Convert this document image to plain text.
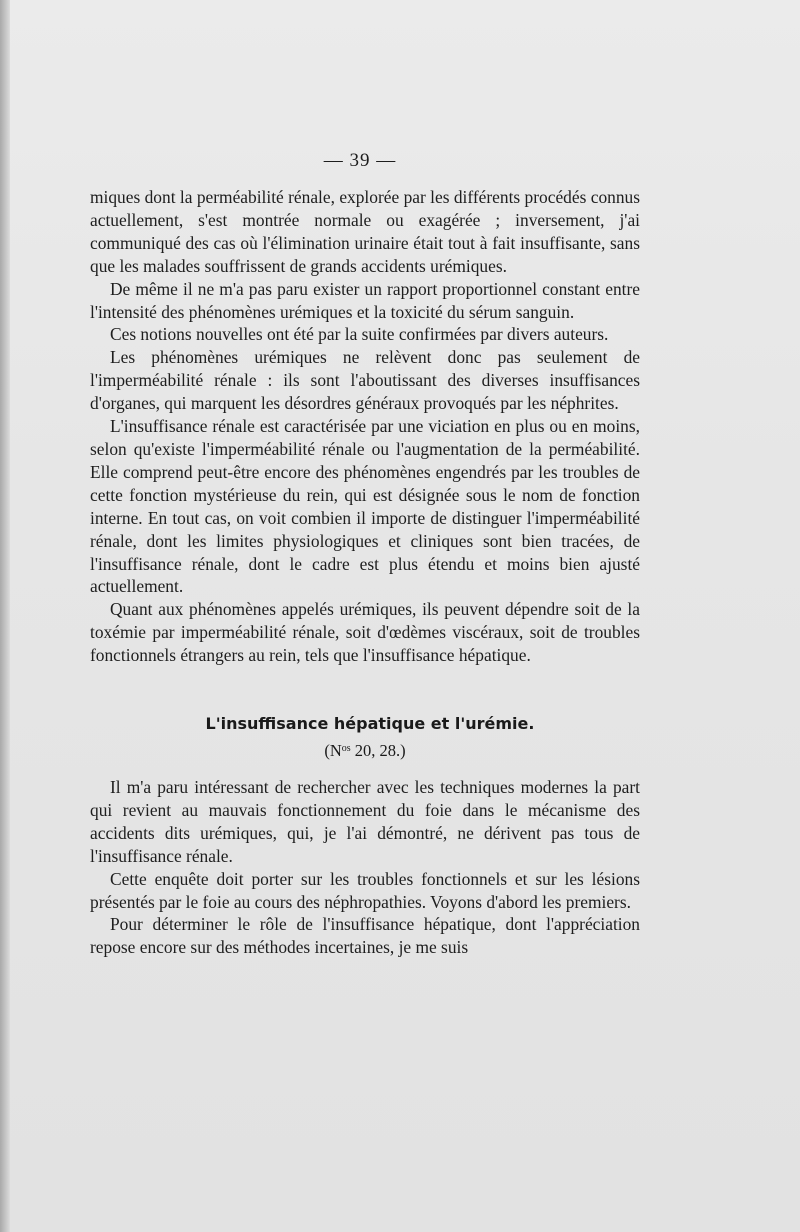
— 39 —

miques dont la perméabilité rénale, explorée par les différents procédés connus actuellement, s'est montrée normale ou exagérée ; inversement, j'ai communiqué des cas où l'élimination urinaire était tout à fait insuffisante, sans que les malades souffrissent de grands accidents urémiques.

De même il ne m'a pas paru exister un rapport proportionnel constant entre l'intensité des phénomènes urémiques et la toxicité du sérum sanguin.

Ces notions nouvelles ont été par la suite confirmées par divers auteurs.

Les phénomènes urémiques ne relèvent donc pas seulement de l'imperméabilité rénale : ils sont l'aboutissant des diverses insuffisances d'organes, qui marquent les désordres généraux provoqués par les néphrites.

L'insuffisance rénale est caractérisée par une viciation en plus ou en moins, selon qu'existe l'imperméabilité rénale ou l'augmentation de la perméabilité. Elle comprend peut-être encore des phénomènes engendrés par les troubles de cette fonction mystérieuse du rein, qui est désignée sous le nom de fonction interne. En tout cas, on voit combien il importe de distinguer l'imperméabilité rénale, dont les limites physiologiques et cliniques sont bien tracées, de l'insuffisance rénale, dont le cadre est plus étendu et moins bien ajusté actuellement.

Quant aux phénomènes appelés urémiques, ils peuvent dépendre soit de la toxémie par imperméabilité rénale, soit d'œdèmes viscéraux, soit de troubles fonctionnels étrangers au rein, tels que l'insuffisance hépatique.

L'insuffisance hépatique et l'urémie.
($N^{os}$ 20, 28.)

Il m'a paru intéressant de rechercher avec les techniques modernes la part qui revient au mauvais fonctionnement du foie dans le mécanisme des accidents dits urémiques, qui, je l'ai démontré, ne dérivent pas tous de l'insuffisance rénale.

Cette enquête doit porter sur les troubles fonctionnels et sur les lésions présentés par le foie au cours des néphropathies. Voyons d'abord les premiers.

Pour déterminer le rôle de l'insuffisance hépatique, dont l'appréciation repose encore sur des méthodes incertaines, je me suis
